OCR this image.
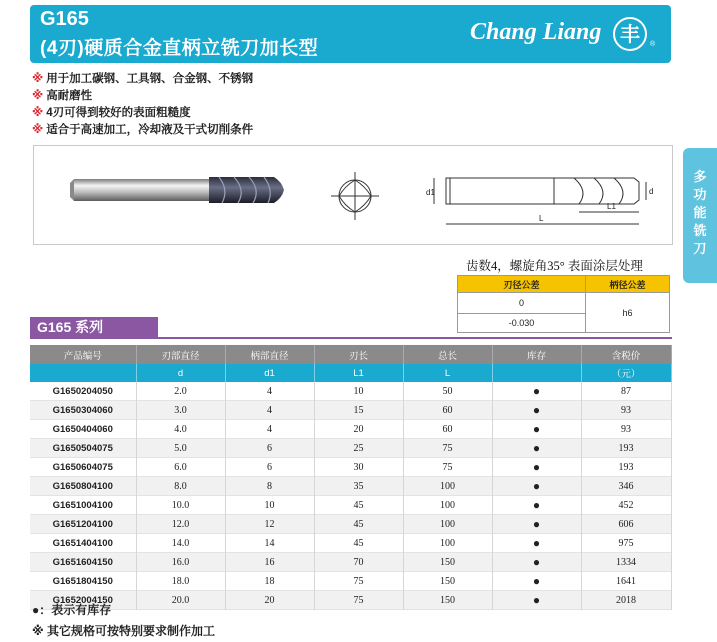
G165
(4刃)硬质合金直柄立铣刀加长型
Chang Liang 丰 ®
※ 用于加工碳钢、工具钢、合金钢、不锈钢
※ 高耐磨性
※ 4刃可得到较好的表面粗糙度
※ 适合于高速加工，冷却液及干式切削条件
d1	d
L1
L
多
功
能
铣
刀
齿数4，螺旋角35° 表面涂层处理
刃径公差	柄径公差
0	h6
-0.030	
G165 系列
产品编号	刃部直径	柄部直径	刃长	总长	库存	含税价
	d	d1	L1	L		（元）
G1650204050	2.0	4	10	50	●	87
G1650304060	3.0	4	15	60	●	93
G1650404060	4.0	4	20	60	●	93
G1650504075	5.0	6	25	75	●	193
G1650604075	6.0	6	30	75	●	193
G1650804100	8.0	8	35	100	●	346
G1651004100	10.0	10	45	100	●	452
G1651204100	12.0	12	45	100	●	606
G1651404100	14.0	14	45	100	●	975
G1651604150	16.0	16	70	150	●	1334
G1651804150	18.0	18	75	150	●	1641
G1652004150	20.0	20	75	150	●	2018
●：表示有库存
※ 其它规格可按特别要求制作加工
